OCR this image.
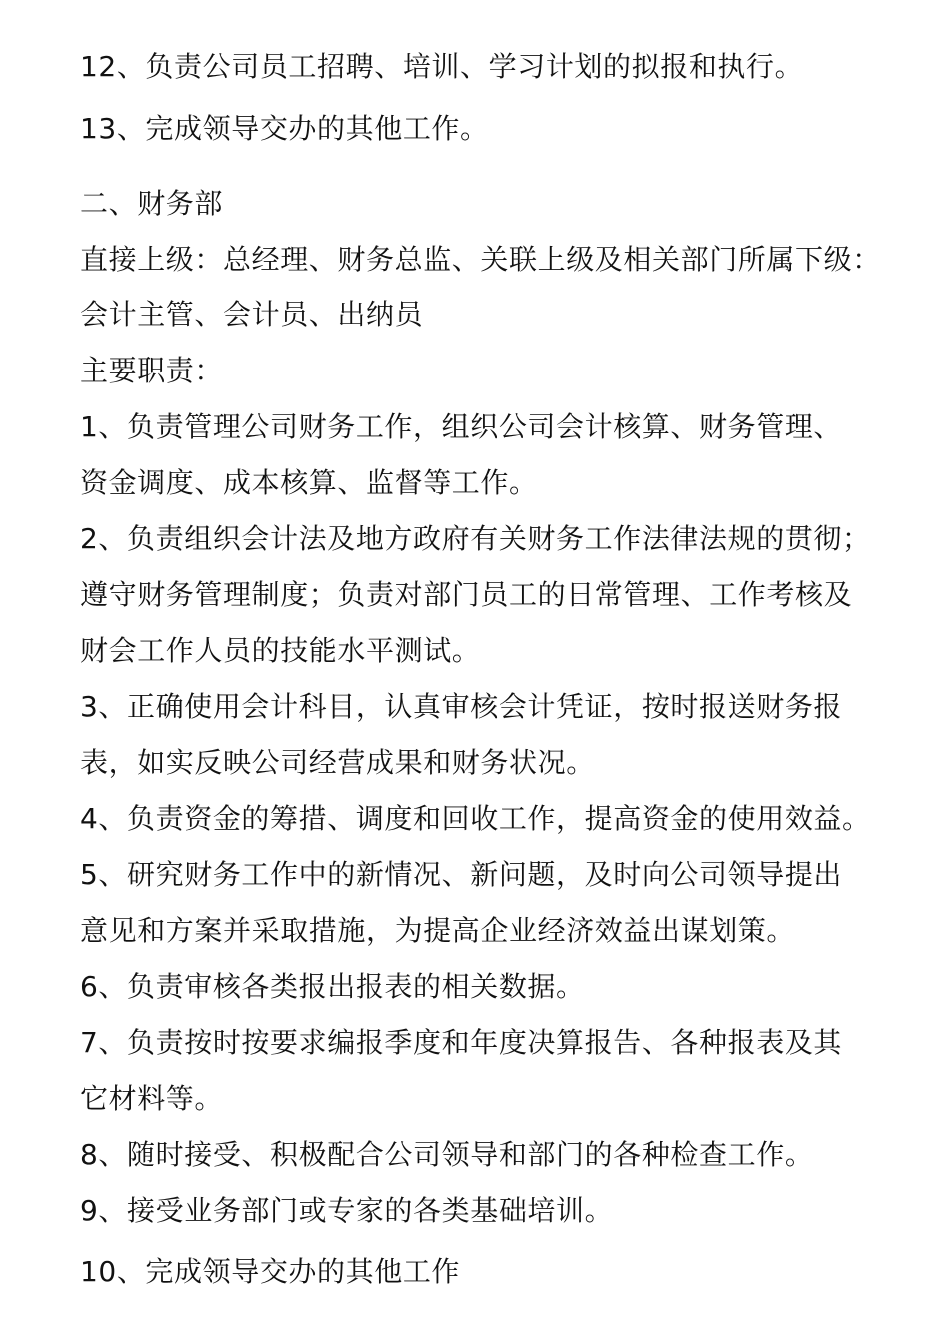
12、负责公司员工招聘、培训、学习计划的拟报和执行。
13、完成领导交办的其他工作。
二、财务部
直接上级：总经理、财务总监、关联上级及相关部门所属下级：
会计主管、会计员、出纳员
主要职责：
1、负责管理公司财务工作，组织公司会计核算、财务管理、
资金调度、成本核算、监督等工作。
2、负责组织会计法及地方政府有关财务工作法律法规的贯彻；
遵守财务管理制度；负责对部门员工的日常管理、工作考核及
财会工作人员的技能水平测试。
3、正确使用会计科目，认真审核会计凭证，按时报送财务报
表，如实反映公司经营成果和财务状况。
4、负责资金的筹措、调度和回收工作，提高资金的使用效益。
5、研究财务工作中的新情况、新问题，及时向公司领导提出
意见和方案并采取措施，为提高企业经济效益出谋划策。
6、负责审核各类报出报表的相关数据。
7、负责按时按要求编报季度和年度决算报告、各种报表及其
它材料等。
8、随时接受、积极配合公司领导和部门的各种检查工作。
9、接受业务部门或专家的各类基础培训。
10、完成领导交办的其他工作
